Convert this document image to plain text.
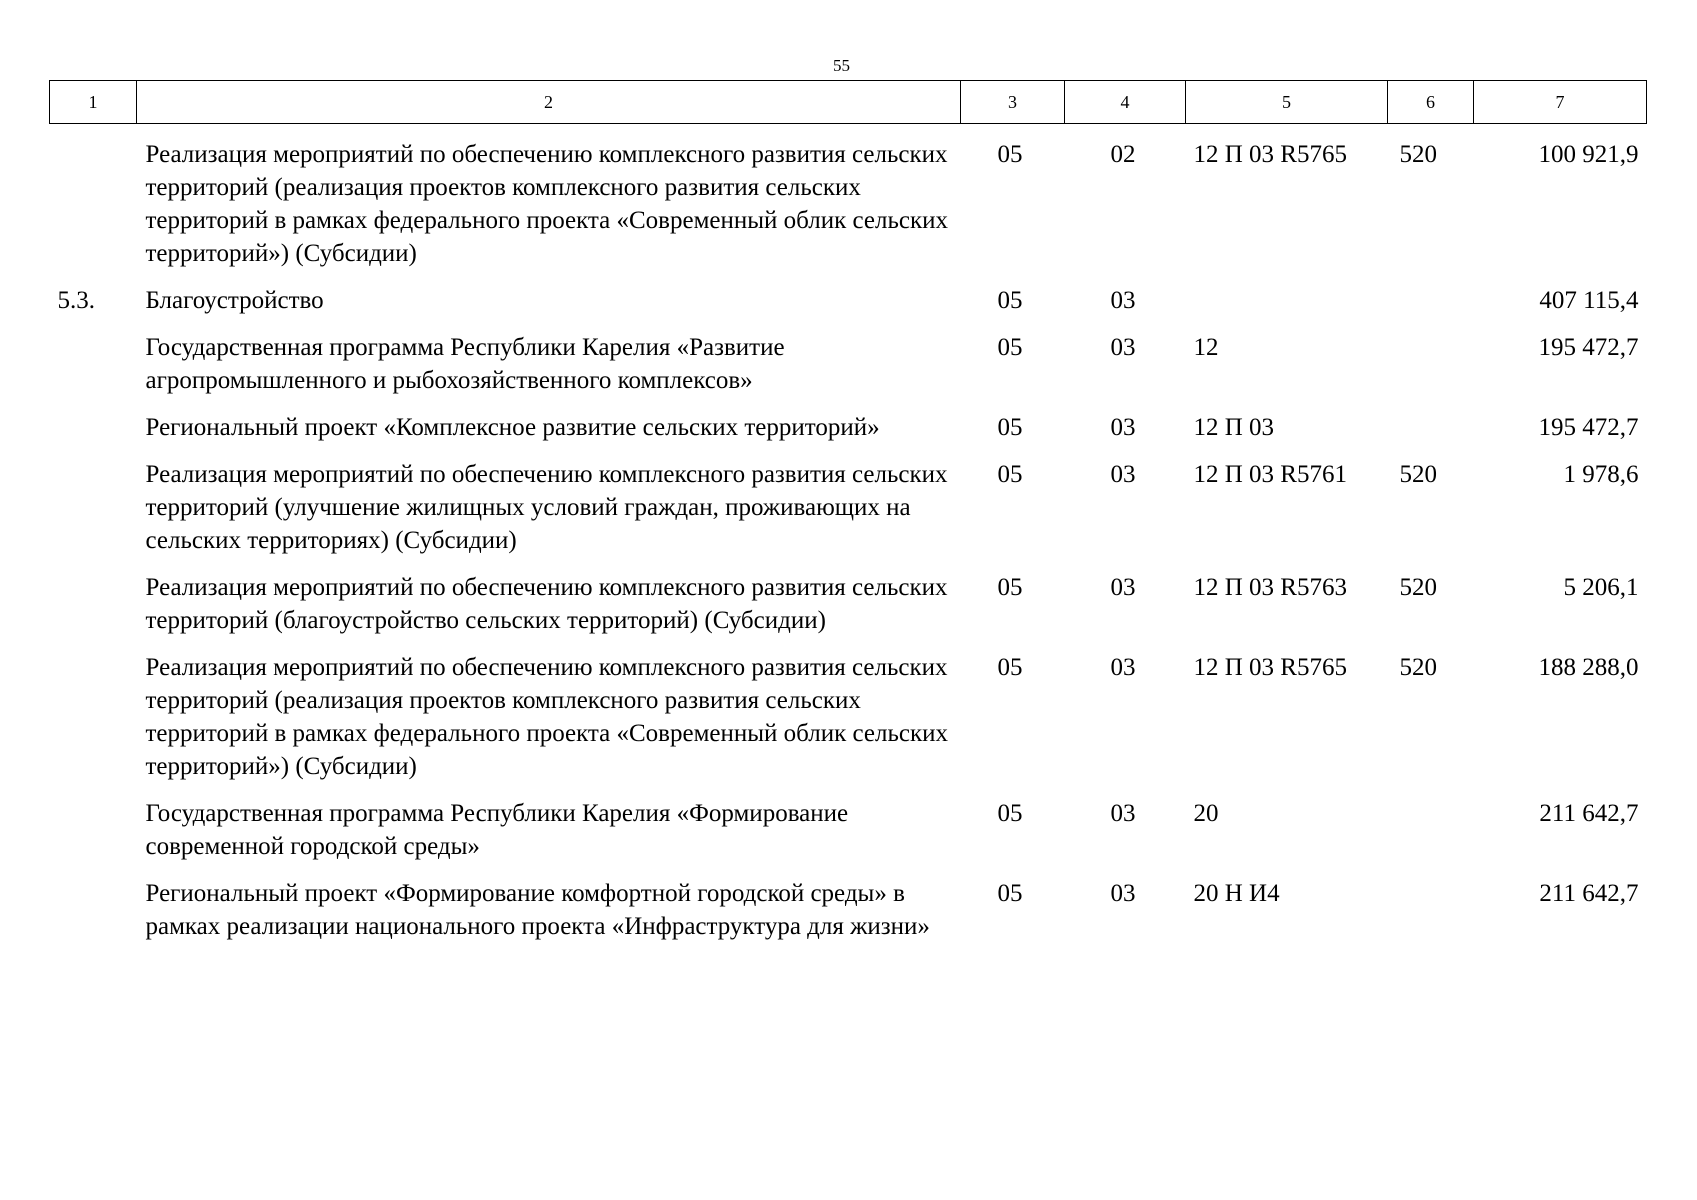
55
1	2	3	4	5	6	7
	Реализация мероприятий по обеспечению комплексного развития сельских территорий (реализация проектов комплексного развития сельских территорий в рамках федерального проекта «Современный облик сельских территорий») (Субсидии)	05	02	12 П 03 R5765	520	100 921,9
5.3.	Благоустройство	05	03			407 115,4
	Государственная программа Республики Карелия «Развитие агропромышленного и рыбохозяйственного комплексов»	05	03	12		195 472,7
	Региональный проект «Комплексное развитие сельских территорий»	05	03	12 П 03		195 472,7
	Реализация мероприятий по обеспечению комплексного развития сельских территорий (улучшение жилищных условий граждан, проживающих на сельских территориях) (Субсидии)	05	03	12 П 03 R5761	520	1 978,6
	Реализация мероприятий по обеспечению комплексного развития сельских территорий (благоустройство сельских территорий) (Субсидии)	05	03	12 П 03 R5763	520	5 206,1
	Реализация мероприятий по обеспечению комплексного развития сельских территорий (реализация проектов комплексного развития сельских территорий в рамках федерального проекта «Современный облик сельских территорий») (Субсидии)	05	03	12 П 03 R5765	520	188 288,0
	Государственная программа Республики Карелия «Формирование современной городской среды»	05	03	20		211 642,7
	Региональный проект «Формирование комфортной городской среды» в рамках реализации национального проекта «Инфраструктура для жизни»	05	03	20 Н И4		211 642,7
